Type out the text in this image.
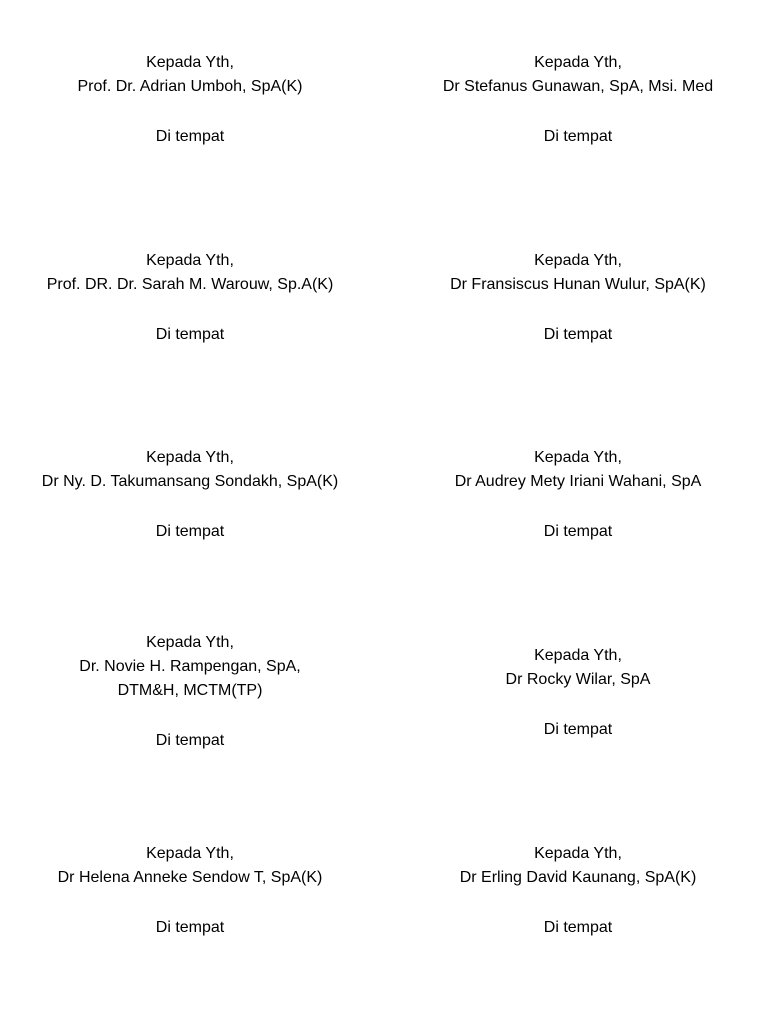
Kepada Yth,
Prof. Dr. Adrian Umboh, SpA(K)
Di tempat
Kepada Yth,
Dr Stefanus Gunawan, SpA, Msi. Med
Di tempat
Kepada Yth,
Prof. DR. Dr. Sarah M. Warouw, Sp.A(K)
Di tempat
Kepada Yth,
Dr Fransiscus Hunan Wulur, SpA(K)
Di tempat
Kepada Yth,
Dr Ny. D. Takumansang Sondakh, SpA(K)
Di tempat
Kepada Yth,
Dr Audrey Mety Iriani Wahani, SpA
Di tempat
Kepada Yth,
Dr. Novie H. Rampengan, SpA,
DTM&H, MCTM(TP)
Di tempat
Kepada Yth,
Dr Rocky Wilar, SpA
Di tempat
Kepada Yth,
Dr Helena Anneke Sendow T, SpA(K)
Di tempat
Kepada Yth,
Dr Erling David Kaunang, SpA(K)
Di tempat
